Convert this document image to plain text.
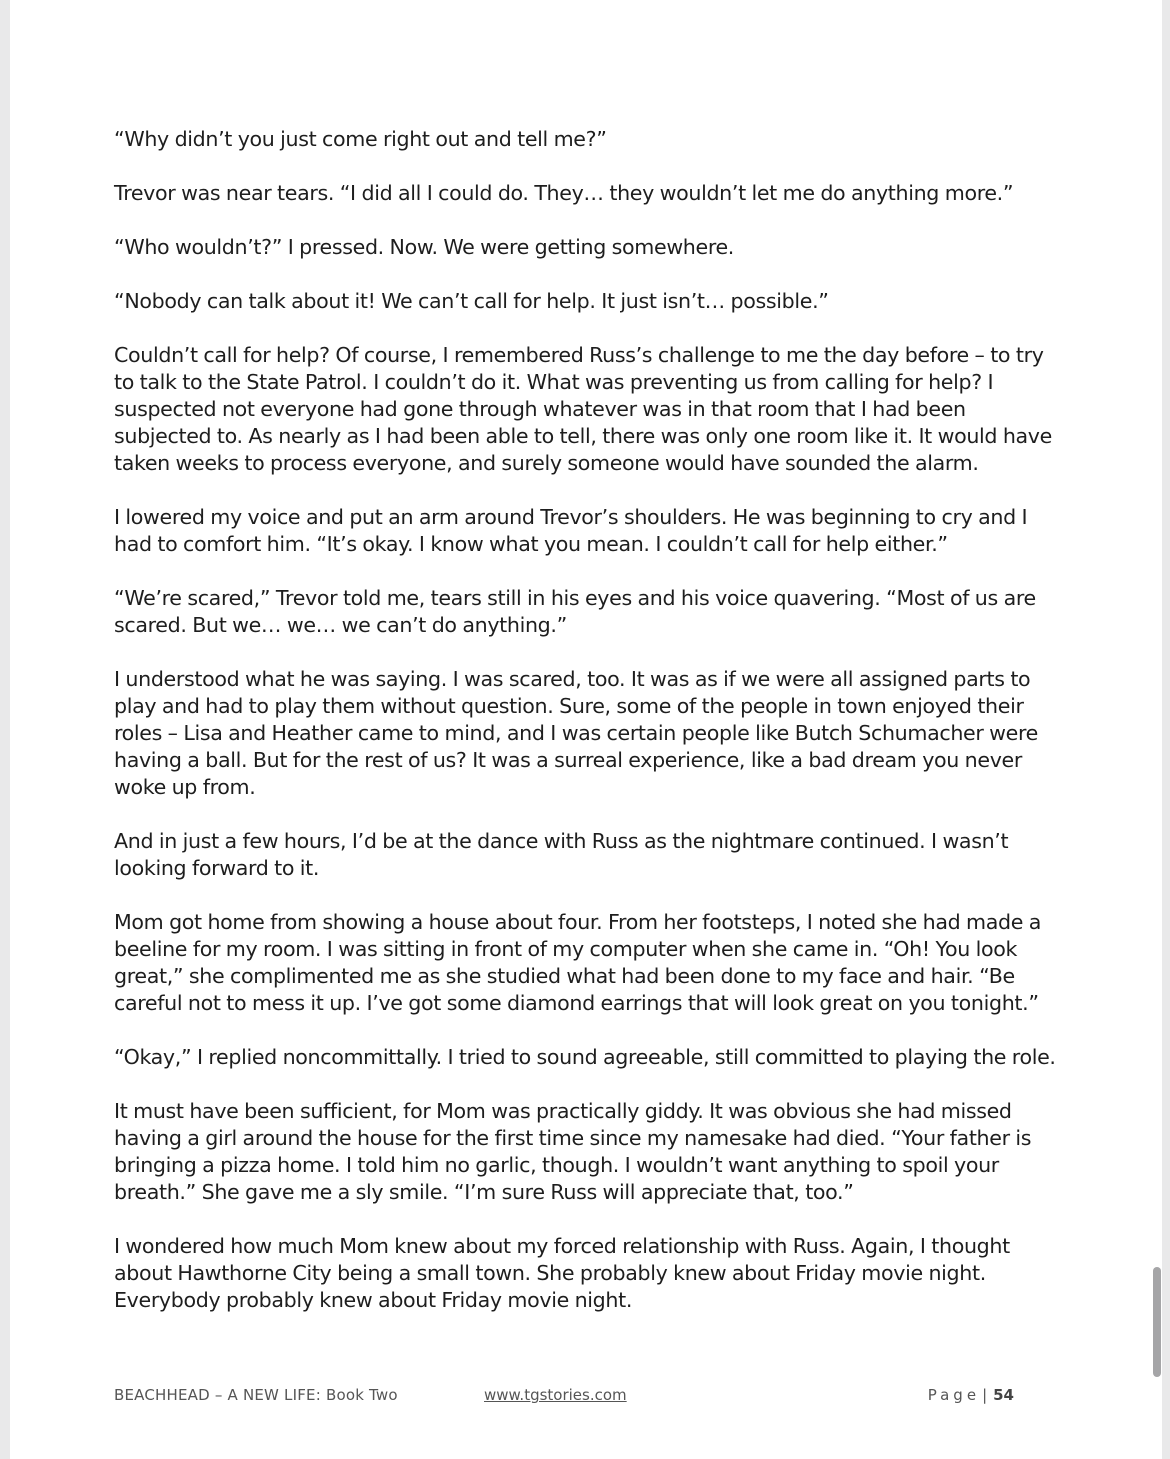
“Why didn’t you just come right out and tell me?”

Trevor was near tears. “I did all I could do. They… they wouldn’t let me do anything more.”

“Who wouldn’t?” I pressed. Now. We were getting somewhere.

“Nobody can talk about it! We can’t call for help. It just isn’t… possible.”

Couldn’t call for help? Of course, I remembered Russ’s challenge to me the day before – to try to talk to the State Patrol. I couldn’t do it. What was preventing us from calling for help? I suspected not everyone had gone through whatever was in that room that I had been subjected to. As nearly as I had been able to tell, there was only one room like it. It would have taken weeks to process everyone, and surely someone would have sounded the alarm.

I lowered my voice and put an arm around Trevor’s shoulders. He was beginning to cry and I had to comfort him. “It’s okay. I know what you mean. I couldn’t call for help either.”

“We’re scared,” Trevor told me, tears still in his eyes and his voice quavering. “Most of us are scared. But we… we… we can’t do anything.”

I understood what he was saying. I was scared, too. It was as if we were all assigned parts to play and had to play them without question. Sure, some of the people in town enjoyed their roles – Lisa and Heather came to mind, and I was certain people like Butch Schumacher were having a ball. But for the rest of us? It was a surreal experience, like a bad dream you never woke up from.

And in just a few hours, I’d be at the dance with Russ as the nightmare continued. I wasn’t looking forward to it.

Mom got home from showing a house about four. From her footsteps, I noted she had made a beeline for my room. I was sitting in front of my computer when she came in. “Oh! You look great,” she complimented me as she studied what had been done to my face and hair. “Be careful not to mess it up. I’ve got some diamond earrings that will look great on you tonight.”

“Okay,” I replied noncommittally. I tried to sound agreeable, still committed to playing the role.

It must have been sufficient, for Mom was practically giddy. It was obvious she had missed having a girl around the house for the first time since my namesake had died. “Your father is bringing a pizza home. I told him no garlic, though. I wouldn’t want anything to spoil your breath.” She gave me a sly smile. “I’m sure Russ will appreciate that, too.”

I wondered how much Mom knew about my forced relationship with Russ. Again, I thought about Hawthorne City being a small town. She probably knew about Friday movie night. Everybody probably knew about Friday movie night.

BEACHHEAD – A NEW LIFE: Book Two	www.tgstories.com	Page | 54
